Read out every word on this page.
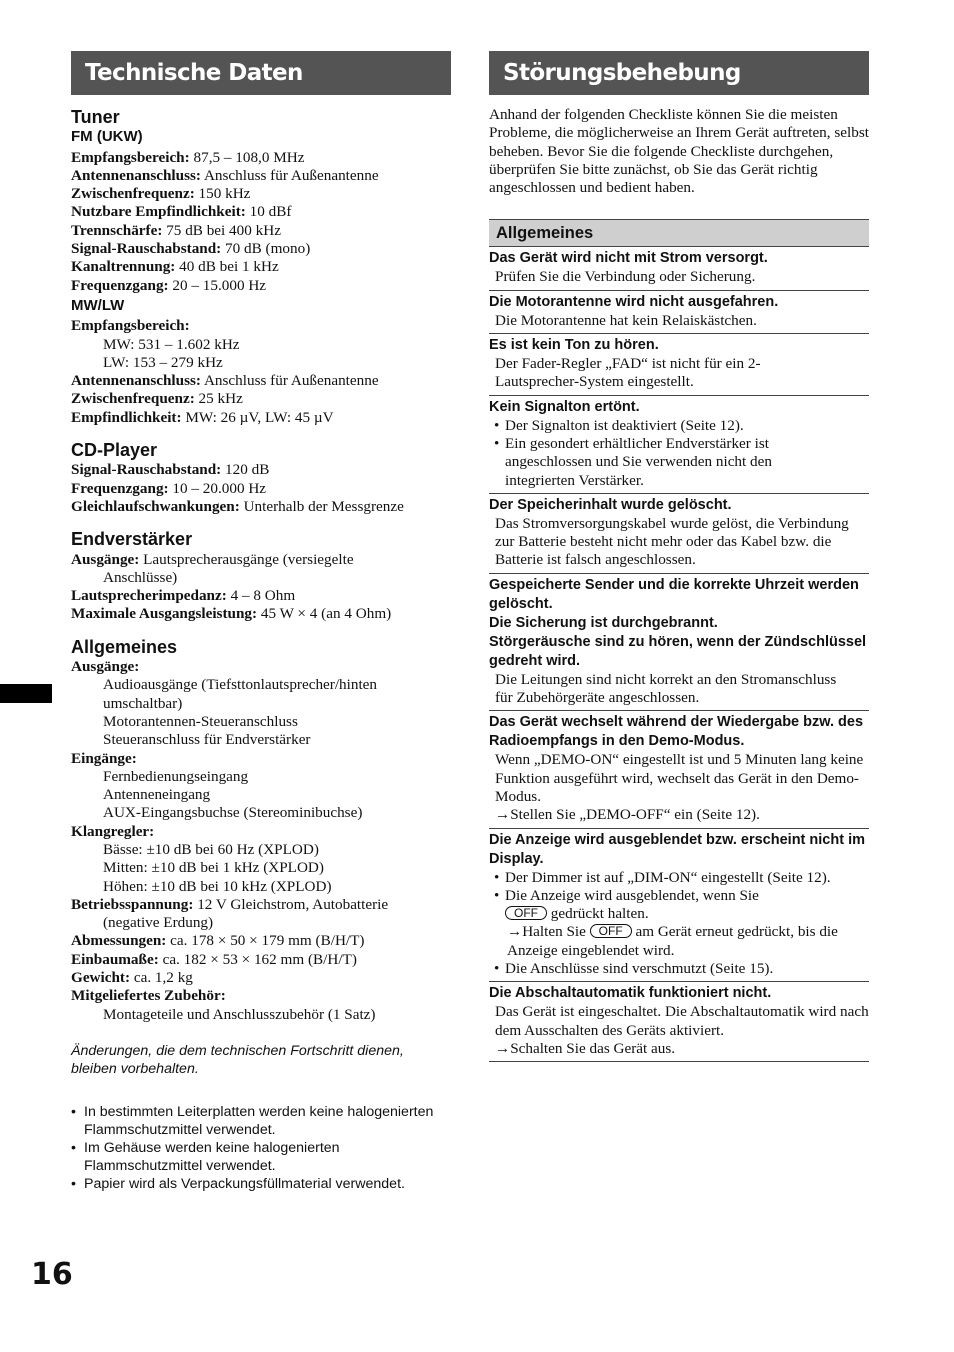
Technische Daten
Tuner
FM (UKW)
Empfangsbereich: 87,5 – 108,0 MHz
Antennenanschluss: Anschluss für Außenantenne
Zwischenfrequenz: 150 kHz
Nutzbare Empfindlichkeit: 10 dBf
Trennschärfe: 75 dB bei 400 kHz
Signal-Rauschabstand: 70 dB (mono)
Kanaltrennung: 40 dB bei 1 kHz
Frequenzgang: 20 – 15.000 Hz
MW/LW
Empfangsbereich:
MW: 531 – 1.602 kHz
LW: 153 – 279 kHz
Antennenanschluss: Anschluss für Außenantenne
Zwischenfrequenz: 25 kHz
Empfindlichkeit: MW: 26 µV, LW: 45 µV
CD-Player
Signal-Rauschabstand: 120 dB
Frequenzgang: 10 – 20.000 Hz
Gleichlaufschwankungen: Unterhalb der Messgrenze
Endverstärker
Ausgänge: Lautsprecherausgänge (versiegelte
Anschlüsse)
Lautsprecherimpedanz: 4 – 8 Ohm
Maximale Ausgangsleistung: 45 W × 4 (an 4 Ohm)
Allgemeines
Ausgänge:
Audioausgänge (Tiefsttonlautsprecher/hinten
umschaltbar)
Motorantennen-Steueranschluss
Steueranschluss für Endverstärker
Eingänge:
Fernbedienungseingang
Antenneneingang
AUX-Eingangsbuchse (Stereominibuchse)
Klangregler:
Bässe: ±10 dB bei 60 Hz (XPLOD)
Mitten: ±10 dB bei 1 kHz (XPLOD)
Höhen: ±10 dB bei 10 kHz (XPLOD)
Betriebsspannung: 12 V Gleichstrom, Autobatterie
(negative Erdung)
Abmessungen: ca. 178 × 50 × 179 mm (B/H/T)
Einbaumaße: ca. 182 × 53 × 162 mm (B/H/T)
Gewicht: ca. 1,2 kg
Mitgeliefertes Zubehör:
Montageteile und Anschlusszubehör (1 Satz)
Änderungen, die dem technischen Fortschritt dienen, bleiben vorbehalten.
• In bestimmten Leiterplatten werden keine halogenierten Flammschutzmittel verwendet.
• Im Gehäuse werden keine halogenierten Flammschutzmittel verwendet.
• Papier wird als Verpackungsfüllmaterial verwendet.
Störungsbehebung
Anhand der folgenden Checkliste können Sie die meisten Probleme, die möglicherweise an Ihrem Gerät auftreten, selbst beheben. Bevor Sie die folgende Checkliste durchgehen, überprüfen Sie bitte zunächst, ob Sie das Gerät richtig angeschlossen und bedient haben.
Allgemeines
Das Gerät wird nicht mit Strom versorgt.
Prüfen Sie die Verbindung oder Sicherung.
Die Motorantenne wird nicht ausgefahren.
Die Motorantenne hat kein Relaiskästchen.
Es ist kein Ton zu hören.
Der Fader-Regler „FAD“ ist nicht für ein 2-Lautsprecher-System eingestellt.
Kein Signalton ertönt.
• Der Signalton ist deaktiviert (Seite 12).
• Ein gesondert erhältlicher Endverstärker ist angeschlossen und Sie verwenden nicht den integrierten Verstärker.
Der Speicherinhalt wurde gelöscht.
Das Stromversorgungskabel wurde gelöst, die Verbindung zur Batterie besteht nicht mehr oder das Kabel bzw. die Batterie ist falsch angeschlossen.
Gespeicherte Sender und die korrekte Uhrzeit werden gelöscht.
Die Sicherung ist durchgebrannt.
Störgeräusche sind zu hören, wenn der Zündschlüssel gedreht wird.
Die Leitungen sind nicht korrekt an den Stromanschluss für Zubehörgeräte angeschlossen.
Das Gerät wechselt während der Wiedergabe bzw. des Radioempfangs in den Demo-Modus.
Wenn „DEMO-ON“ eingestellt ist und 5 Minuten lang keine Funktion ausgeführt wird, wechselt das Gerät in den Demo-Modus.
→Stellen Sie „DEMO-OFF“ ein (Seite 12).
Die Anzeige wird ausgeblendet bzw. erscheint nicht im Display.
• Der Dimmer ist auf „DIM-ON“ eingestellt (Seite 12).
• Die Anzeige wird ausgeblendet, wenn Sie
OFF gedrückt halten.
→Halten Sie OFF am Gerät erneut gedrückt, bis die Anzeige eingeblendet wird.
• Die Anschlüsse sind verschmutzt (Seite 15).
Die Abschaltautomatik funktioniert nicht.
Das Gerät ist eingeschaltet. Die Abschaltautomatik wird nach dem Ausschalten des Geräts aktiviert.
→Schalten Sie das Gerät aus.
16
